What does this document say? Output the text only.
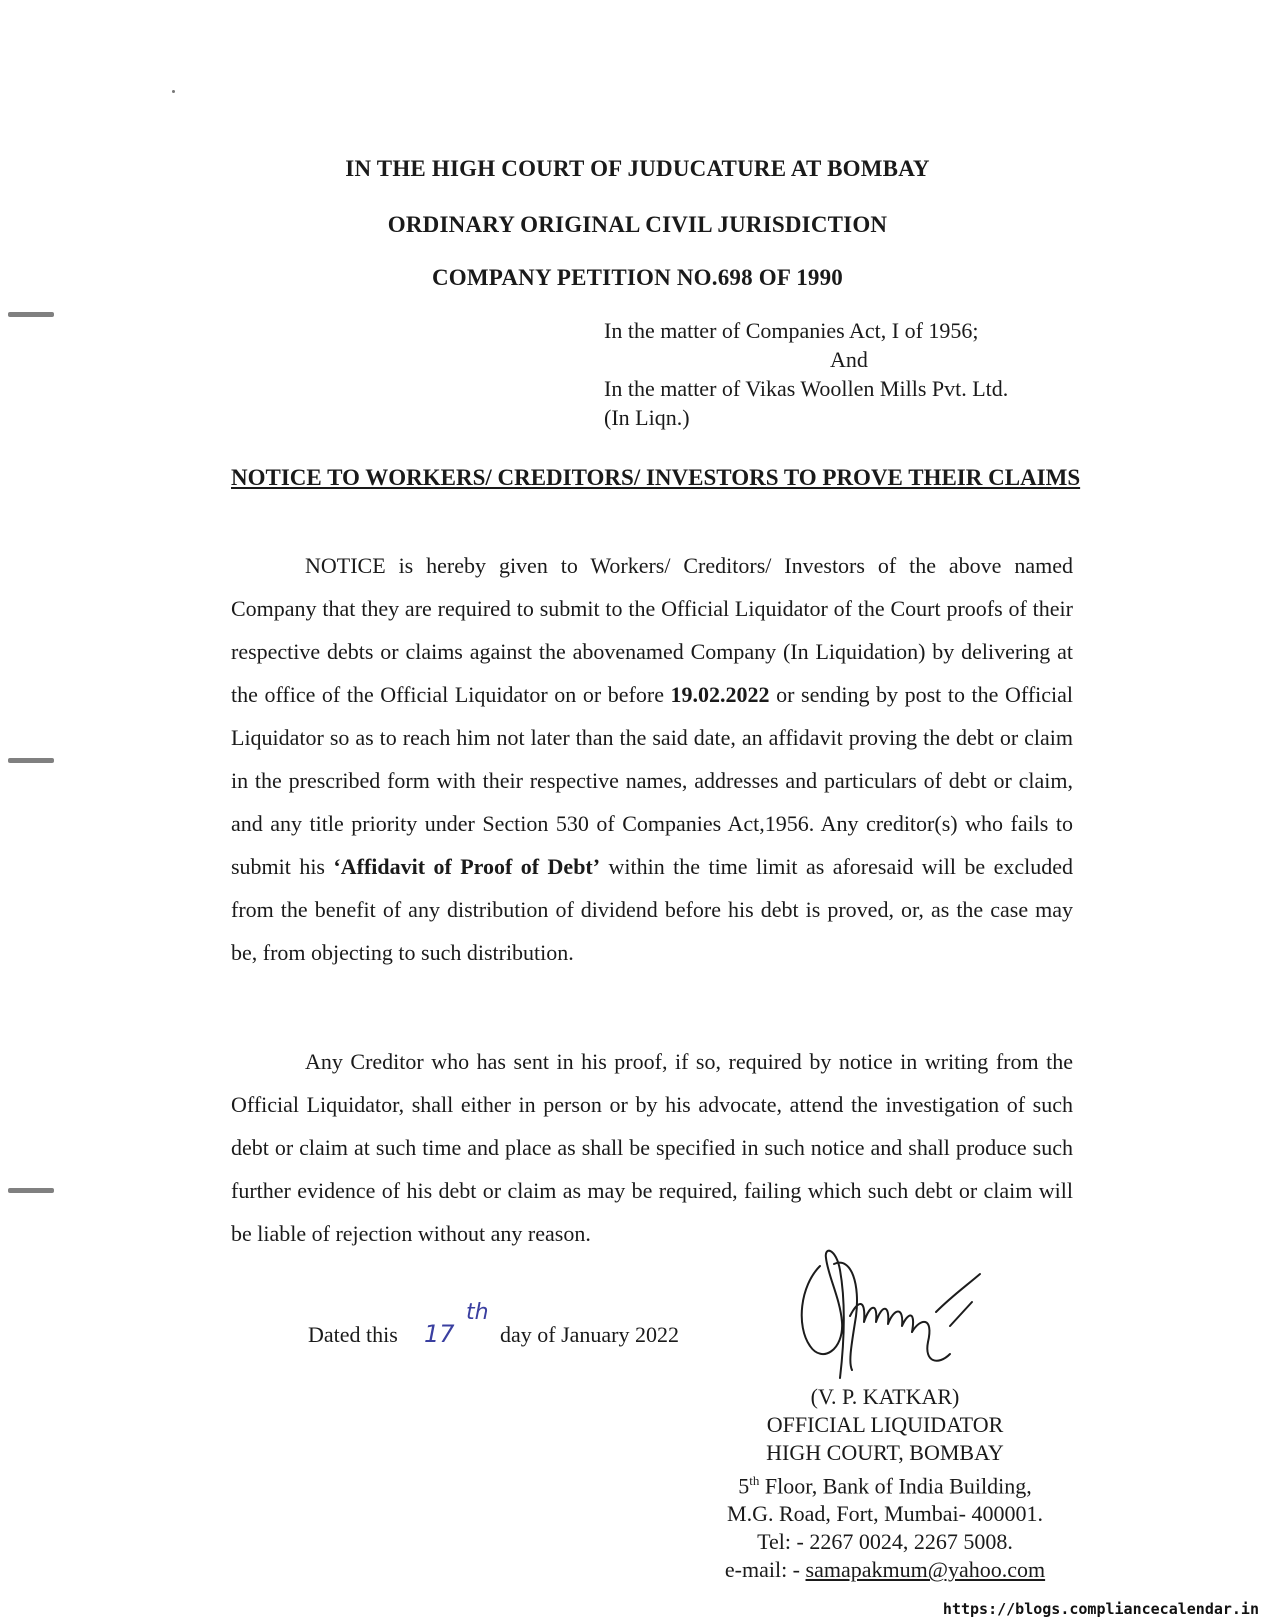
IN THE HIGH COURT OF JUDUCATURE AT BOMBAY
ORDINARY ORIGINAL CIVIL JURISDICTION
COMPANY PETITION NO.698 OF 1990
In the matter of Companies Act, I of 1956;
And
In the matter of Vikas Woollen Mills Pvt. Ltd.
(In Liqn.)
NOTICE TO WORKERS/ CREDITORS/ INVESTORS TO PROVE THEIR CLAIMS

NOTICE is hereby given to Workers/ Creditors/ Investors of the above named Company that they are required to submit to the Official Liquidator of the Court proofs of their respective debts or claims against the abovenamed Company (In Liquidation) by delivering at the office of the Official Liquidator on or before 19.02.2022 or sending by post to the Official Liquidator so as to reach him not later than the said date, an affidavit proving the debt or claim in the prescribed form with their respective names, addresses and particulars of debt or claim, and any title priority under Section 530 of Companies Act,1956. Any creditor(s) who fails to submit his ‘Affidavit of Proof of Debt’ within the time limit as aforesaid will be excluded from the benefit of any distribution of dividend before his debt is proved, or, as the case may be, from objecting to such distribution.

Any Creditor who has sent in his proof, if so, required by notice in writing from the Official Liquidator, shall either in person or by his advocate, attend the investigation of such debt or claim at such time and place as shall be specified in such notice and shall produce such further evidence of his debt or claim as may be required, failing which such debt or claim will be liable of rejection without any reason.

Dated this	day of January 2022
17
th
(V. P. KATKAR)
OFFICIAL LIQUIDATOR
HIGH COURT, BOMBAY
5th Floor, Bank of India Building,
M.G. Road, Fort, Mumbai- 400001.
Tel: - 2267 0024, 2267 5008.
e-mail: - samapakmum@yahoo.com
https://blogs.compliancecalendar.in
